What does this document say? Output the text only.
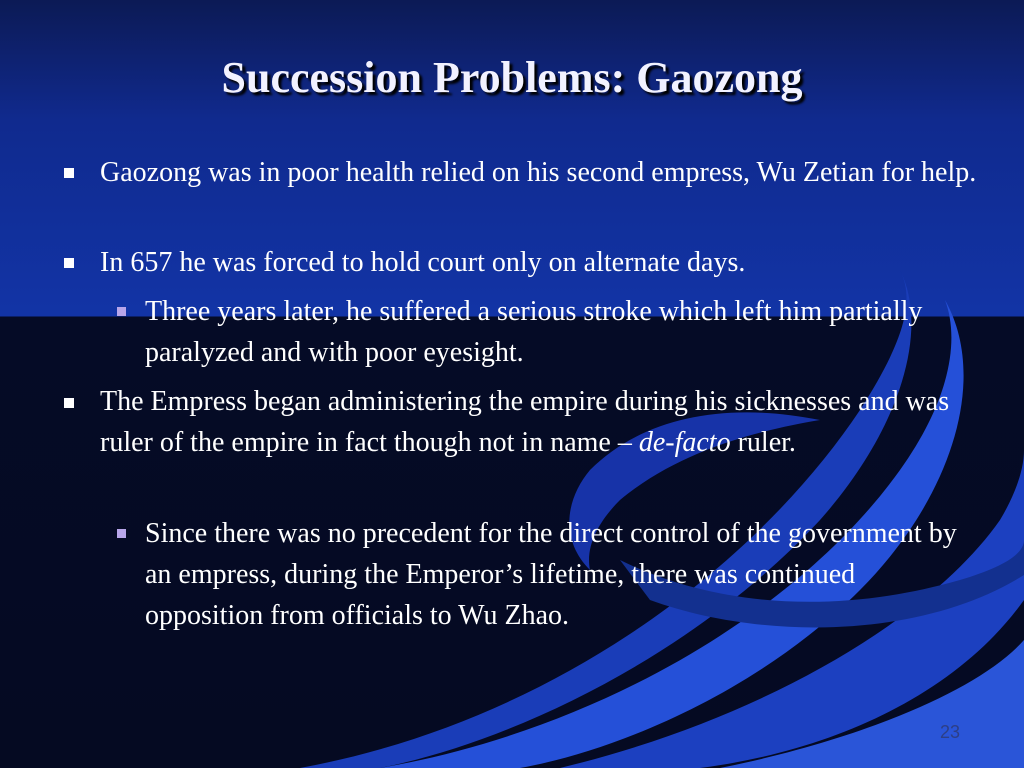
Succession Problems: Gaozong

Gaozong was in poor health relied on his second empress, Wu Zetian for help.

In 657 he was forced to hold court only on alternate days.

Three years later, he suffered a serious stroke which left him partially paralyzed and with poor eyesight.

The Empress began administering the empire during his sicknesses and was ruler of the empire in fact though not in name – de-facto ruler.

Since there was no precedent for the direct control of the government by an empress, during the Emperor’s lifetime, there was continued opposition from officials to Wu Zhao.

23
